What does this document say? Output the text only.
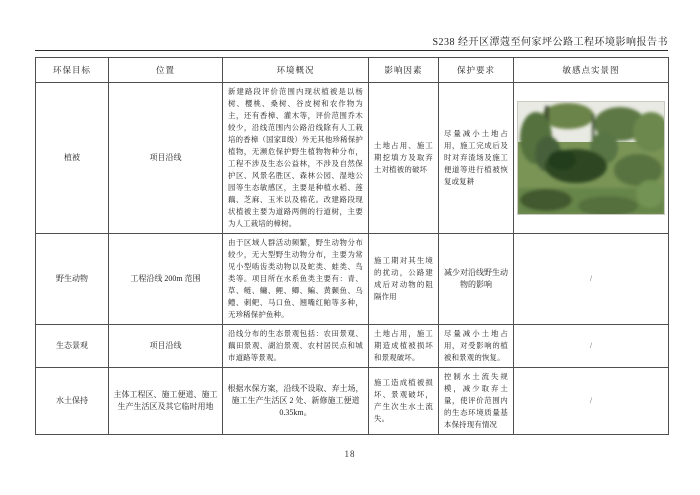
S238 经开区潭蔻至何家坪公路工程环境影响报告书
环保目标	位置	环境概况	影响因素	保护要求	敏感点实景图
植被	项目沿线	新建路段评价范围内现状植被是以杨树、樱桃、桑树、谷皮树和农作物为主，还有香樟、灌木等，评价范围乔木较少，沿线范围内公路沿线除有人工栽培的香樟（国家Ⅱ级）外无其他珍稀保护植物，无濒危保护野生植物物种分布，工程不涉及生态公益林，不涉及自然保护区、风景名胜区、森林公园、湿地公园等生态敏感区，主要是种植水稻、莲藕、芝麻、玉米以及棉花。改建路段现状植被主要为道路两侧的行道树，主要为人工栽培的樟树。	土地占用、施工期挖填方及取弃土对植被的破坏	尽量减小土地占用，施工完成后及时对弃渣场及施工便道等进行植被恢复或复耕	

野生动物	工程沿线 200m 范围	由于区域人群活动频繁，野生动物分布较少，无大型野生动物分布，主要为常见小型啮齿类动物以及蛇类、蛙类、鸟类等。项目所在水系鱼类主要有：青、草、鲢、鳙、鲤、鲫、鳊、黄颡鱼、乌鳢、刺鲃、马口鱼、翘嘴红鲌等多种，无珍稀保护鱼种。	施工期对其生境的扰动，公路建成后对动物的阻隔作用	减少对沿线野生动物的影响	/
生态景观	项目沿线	沿线分布的生态景观包括：农田景观、藕田景观、湖泊景观、农村居民点和城市道路等景观。	土地占用，施工期造成植被损坏和景观破坏。	尽量减小土地占用，对受影响的植被和景观的恢复。	/
水土保持	主体工程区、施工便道、施工生产生活区及其它临时用地	根据水保方案，沿线不设取、弃土场，施工生产生活区 2 处、新修施工便道 0.35km。	施工造成植被损坏、景观破坏，产生次生水土流失。	控制水土流失规模，减少取弃土量，使评价范围内的生态环境质量基本保持现有情况	/
18
